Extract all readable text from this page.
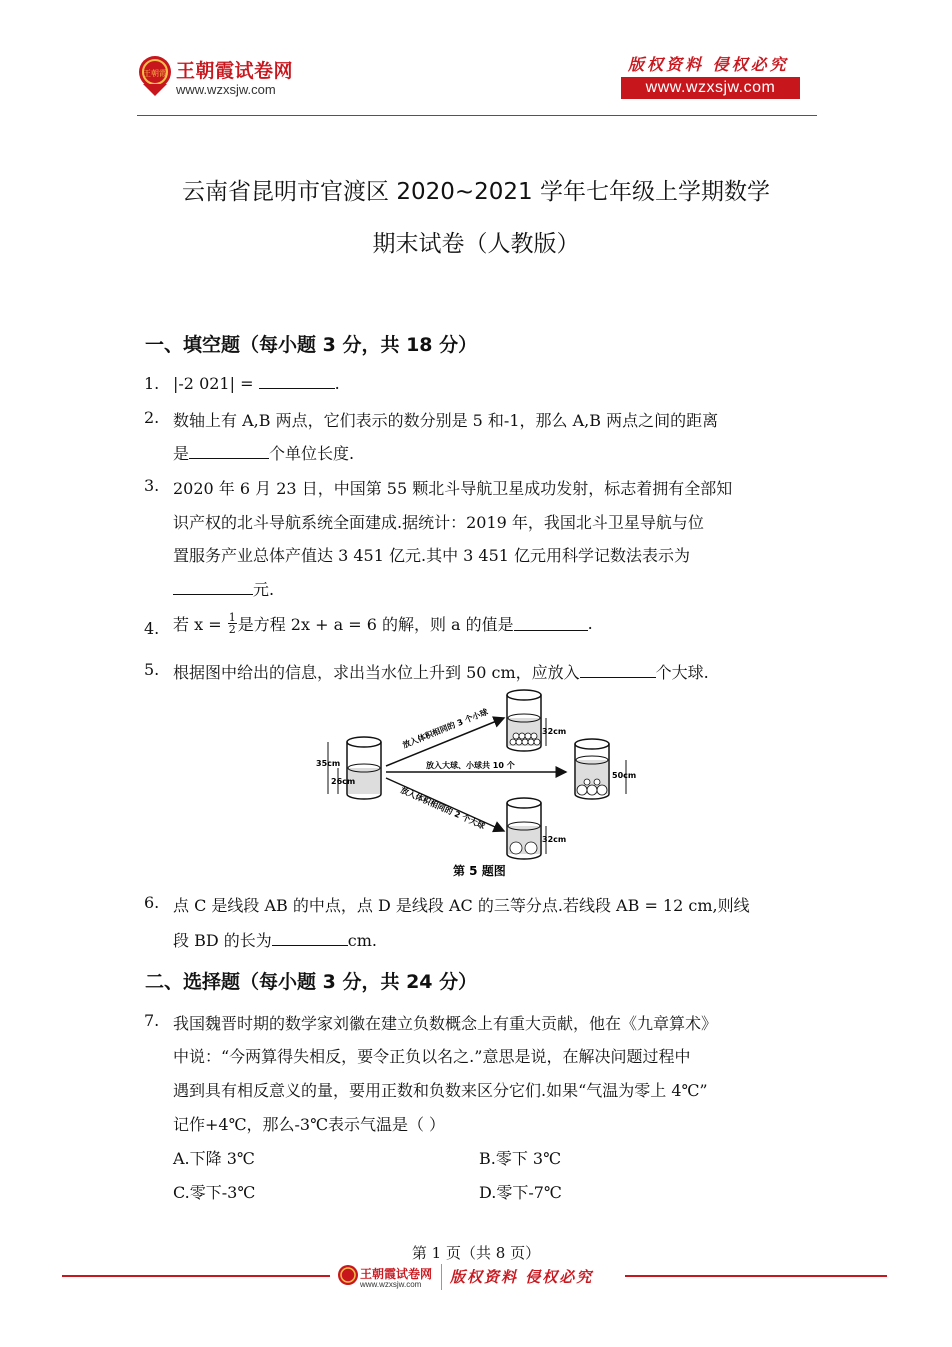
王朝霞 王朝霞试卷网
www.wzxsjw.com
版权资料 侵权必究
www.wzxsjw.com
云南省昆明市官渡区 2020~2021 学年七年级上学期数学
期末试卷（人教版）
一、填空题（每小题 3 分，共 18 分）
1. |-2 021| =	.
2. 数轴上有 A,B 两点，它们表示的数分别是 5 和-1，那么 A,B 两点之间的距离
是	个单位长度.
3. 2020 年 6 月 23 日，中国第 55 颗北斗导航卫星成功发射，标志着拥有全部知
识产权的北斗导航系统全面建成.据统计：2019 年，我国北斗卫星导航与位
置服务产业总体产值达 3 451 亿元.其中 3 451 亿元用科学记数法表示为
元.
4. 若 $x = \frac{1}{2}$ 是方程 2x + a = 6 的解，则 a 的值是	.
5. 根据图中给出的信息，求出当水位上升到 50 cm，应放入	个大球.
35cm
26cm
放入体积相同的 3 个小球
放入大球、小球共 10 个
放入体积相同的 2 个大球
32cm
50cm
32cm
第 5 题图
6. 点 C 是线段 AB 的中点，点 D 是线段 AC 的三等分点.若线段 AB = 12 cm,则线
段 BD 的长为	cm.
二、选择题（每小题 3 分，共 24 分）
7. 我国魏晋时期的数学家刘徽在建立负数概念上有重大贡献，他在《九章算术》
中说：“今两算得失相反，要令正负以名之.”意思是说，在解决问题过程中
遇到具有相反意义的量，要用正数和负数来区分它们.如果“气温为零上 4℃”
记作+4℃，那么-3℃表示气温是（ ）
A.下降 3℃	B.零下 3℃
C.零下-3℃	D.零下-7℃
第 1 页（共 8 页）
王朝霞试卷网
www.wzxsjw.com 版权资料 侵权必究
